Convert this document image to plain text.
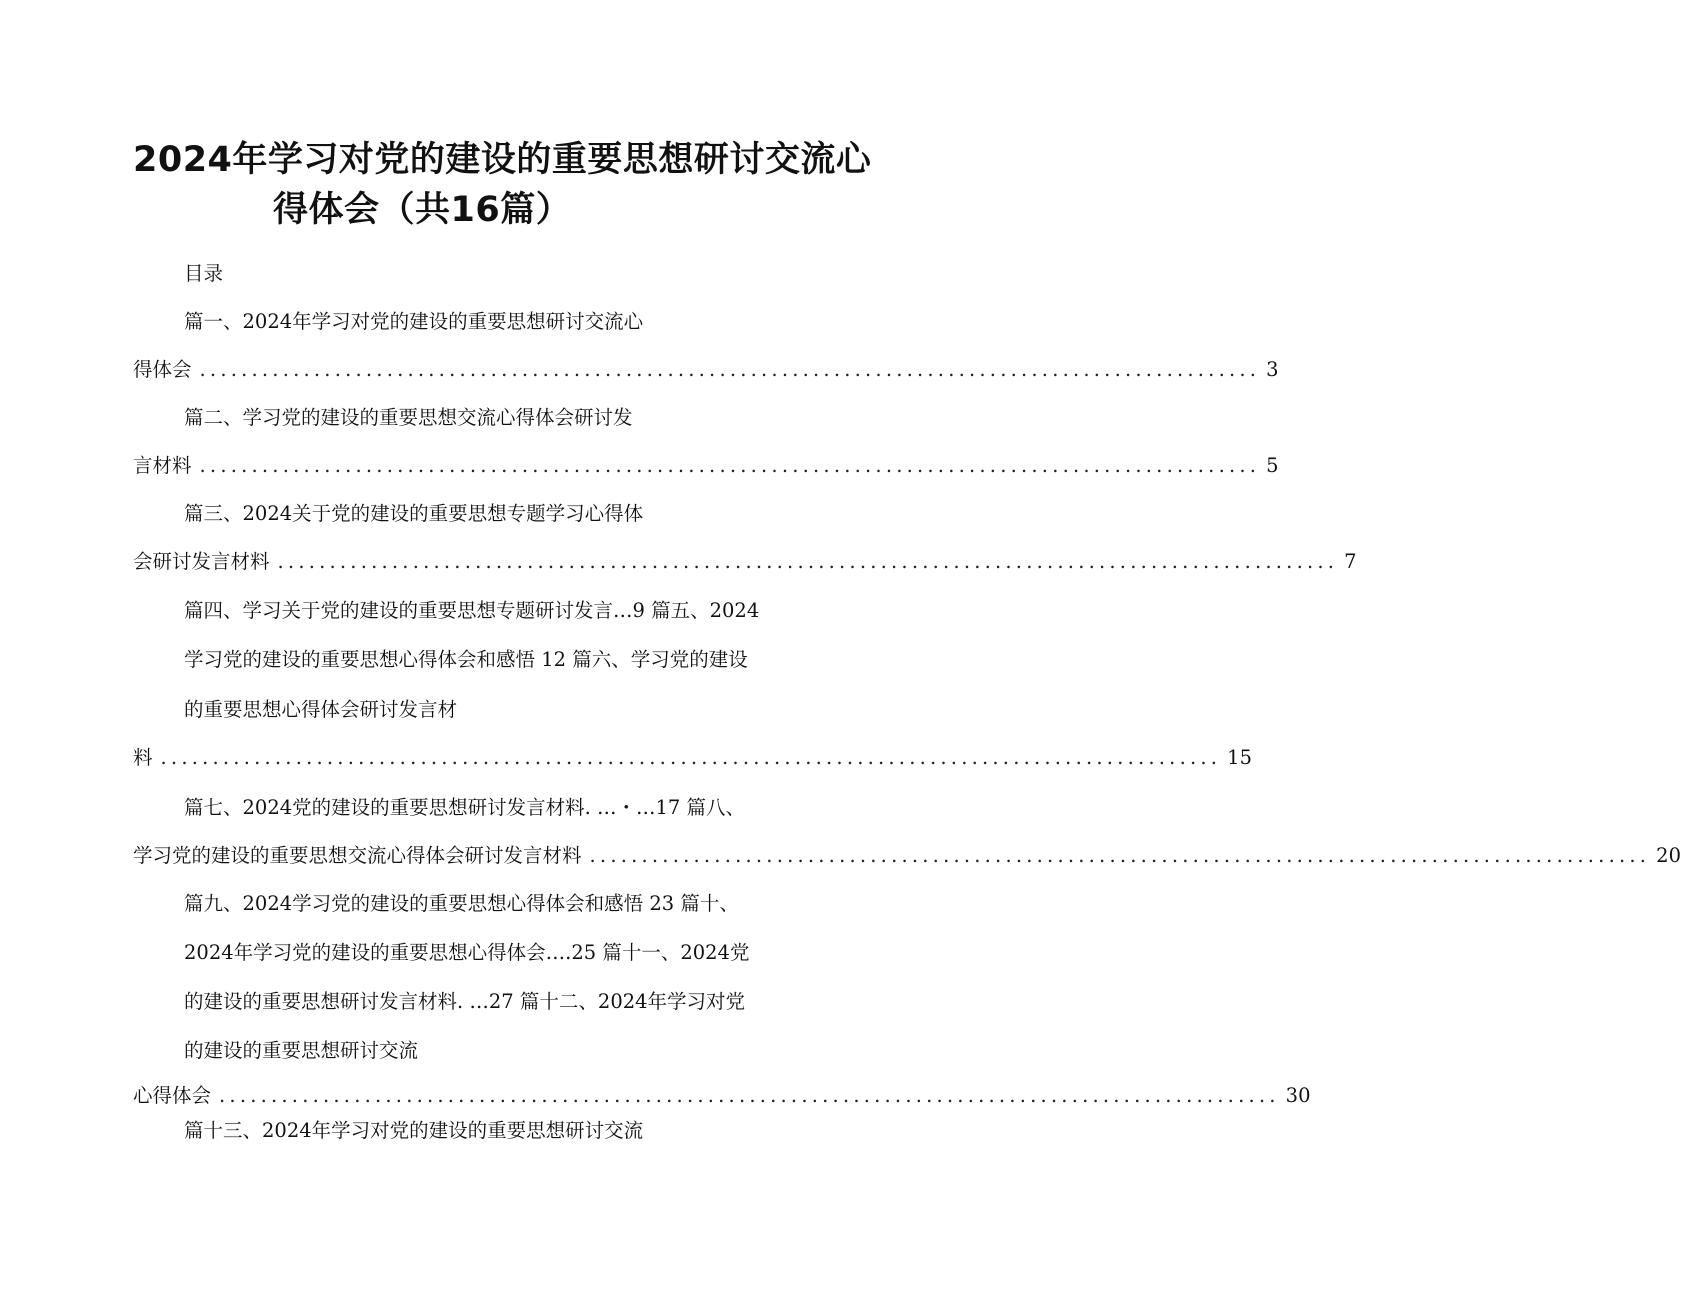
2024年学习对党的建设的重要思想研讨交流心
得体会（共16篇）
目录
篇一、2024年学习对党的建设的重要思想研讨交流心
得体会 ...................................................................................................... 3
篇二、学习党的建设的重要思想交流心得体会研讨发
言材料 ...................................................................................................... 5
篇三、2024关于党的建设的重要思想专题学习心得体
会研讨发言材料 ...................................................................................................... 7
篇四、学习关于党的建设的重要思想专题研讨发言…9 篇五、2024
学习党的建设的重要思想心得体会和感悟 12 篇六、学习党的建设
的重要思想心得体会研讨发言材
料 ...................................................................................................... 15
篇七、2024党的建设的重要思想研讨发言材料. …・…17 篇八、
学习党的建设的重要思想交流心得体会研讨发言材料 ...................................................................................................... 20
篇九、2024学习党的建设的重要思想心得体会和感悟 23 篇十、
2024年学习党的建设的重要思想心得体会….25 篇十一、2024党
的建设的重要思想研讨发言材料. …27 篇十二、2024年学习对党
的建设的重要思想研讨交流
心得体会 ...................................................................................................... 30
篇十三、2024年学习对党的建设的重要思想研讨交流
